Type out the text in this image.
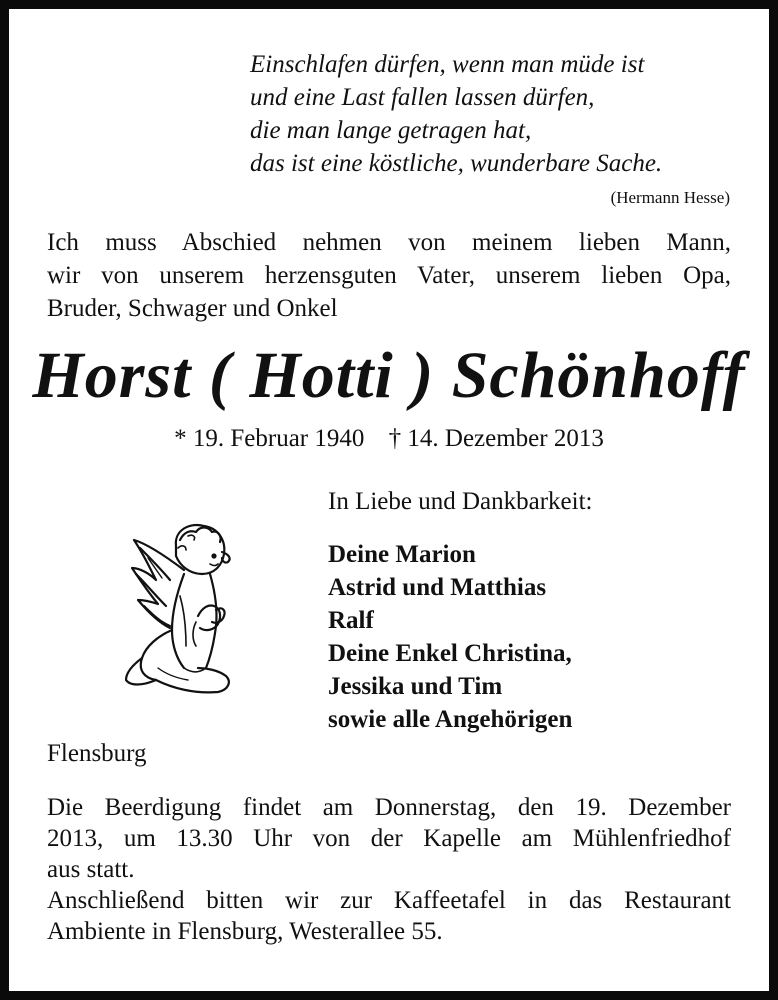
Einschlafen dürfen, wenn man müde ist
und eine Last fallen lassen dürfen,
die man lange getragen hat,
das ist eine köstliche, wunderbare Sache.
(Hermann Hesse)
Ich muss Abschied nehmen von meinem lieben Mann,
wir von unserem herzensguten Vater, unserem lieben Opa,
Bruder, Schwager und Onkel
Horst ( Hotti ) Schönhoff
* 19. Februar 1940 † 14. Dezember 2013
In Liebe und Dankbarkeit:
Deine Marion
Astrid und Matthias
Ralf
Deine Enkel Christina,
Jessika und Tim
sowie alle Angehörigen
Flensburg
Die Beerdigung findet am Donnerstag, den 19. Dezember
2013, um 13.30 Uhr von der Kapelle am Mühlenfriedhof
aus statt.
Anschließend bitten wir zur Kaffeetafel in das Restaurant
Ambiente in Flensburg, Westerallee 55.
